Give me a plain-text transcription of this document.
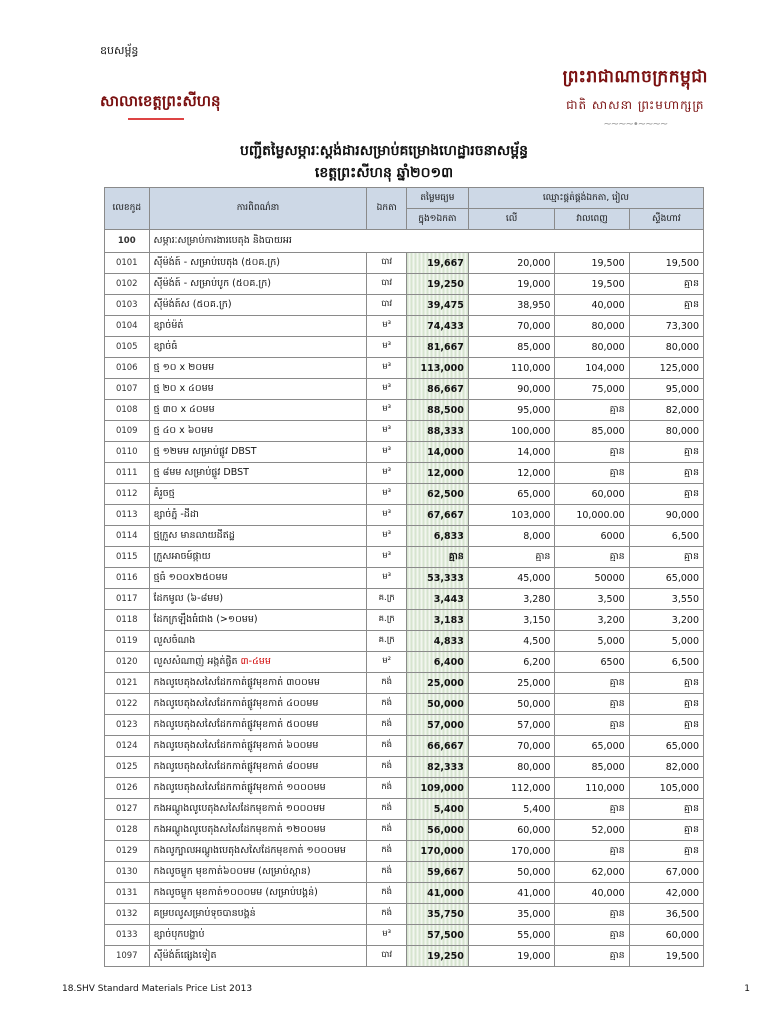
ឧបសម្ព័ន្ធ
ព្រះរាជាណាចក្រកម្ពុជា
ជាតិ សាសនា ព្រះមហាក្សត្រ
~~~~•~~~~
សាលាខេត្តព្រះសីហនុ
បញ្ជីតម្លៃសម្ភារៈស្តង់ដារសម្រាប់គម្រោងហេដ្ឋារចនាសម្ព័ន្ធ
ខេត្តព្រះសីហនុ ឆ្នាំ២០១៣
លេខកូដ	ការពិពណ៌នា	ឯកតា	តម្លៃមធ្យម	ឈ្មោះផ្គត់ផ្គង់ឯកតា, រៀល		
			ក្នុង១ឯកតា	លើ	វាលពេញ	ស្ទឹងហាវ
100	សម្ភារៈសម្រាប់ការងារបេតុង និងបាយអរ					
0101	ស៊ីម៉ង់ត៍ - សម្រាប់បេតុង (៥០គ.ក្រ)	បាវ	19,667	20,000	19,500	19,500
0102	ស៊ីម៉ង់ត៍ - សម្រាប់បូក (៥០គ.ក្រ)	បាវ	19,250	19,000	19,500	គ្មាន
0103	ស៊ីម៉ង់ត៍ស (៥០គ.ក្រ)	បាវ	39,475	38,950	40,000	គ្មាន
0104	ខ្សាច់ម៉ត់	ម³	74,433	70,000	80,000	73,300
0105	ខ្សាច់ធំ	ម³	81,667	85,000	80,000	80,000
0106	ថ្ម ១០ x ២០មម	ម³	113,000	110,000	104,000	125,000
0107	ថ្ម ២០ x ៤០មម	ម³	86,667	90,000	75,000	95,000
0108	ថ្ម ៣០ x ៤០មម	ម³	88,500	95,000	គ្មាន	82,000
0109	ថ្ម ៤០ x ៦០មម	ម³	88,333	100,000	85,000	80,000
0110	ថ្ម ១២មម សម្រាប់ផ្លូវ DBST	ម³	14,000	14,000	គ្មាន	គ្មាន
0111	ថ្ម ៨មម សម្រាប់ផ្លូវ DBST	ម³	12,000	12,000	គ្មាន	គ្មាន
0112	គំរួចថ្ម	ម³	62,500	65,000	60,000	គ្មាន
0113	ខ្សាច់ភ្នំ -ដីដា	ម³	67,667	103,000	10,000.00	90,000
0114	ថ្មក្រួស មានលាយដីឥដ្ឋ	ម³	6,833	8,000	6000	6,500
0115	ក្រួសអាចម៍ផ្កាយ	ម³	គ្មាន	គ្មាន	គ្មាន	គ្មាន
0116	ថ្មធំ ១០០x២៥០មម	ម³	53,333	45,000	50000	65,000
0117	ដែកមូល (៦-៨មម)	គ.ក្រ	3,443	3,280	3,500	3,550
0118	ដែកក្រឡឹងធំជាង (>១០មម)	គ.ក្រ	3,183	3,150	3,200	3,200
0119	លួសចំណង	គ.ក្រ	4,833	4,500	5,000	5,000
0120	លួសសំណាញ់ អង្កត់ផ្ចិត ៣-៤មម	ម²	6,400	6,200	6500	6,500
0121	កងលូបេតុងសសៃដែកកាត់ផ្លូវមុខកាត់ ៣០០មម	កង់	25,000	25,000	គ្មាន	គ្មាន
0122	កងលូបេតុងសសៃដែកកាត់ផ្លូវមុខកាត់ ៤០០មម	កង់	50,000	50,000	គ្មាន	គ្មាន
0123	កងលូបេតុងសសៃដែកកាត់ផ្លូវមុខកាត់ ៥០០មម	កង់	57,000	57,000	គ្មាន	គ្មាន
0124	កងលូបេតុងសសៃដែកកាត់ផ្លូវមុខកាត់ ៦០០មម	កង់	66,667	70,000	65,000	65,000
0125	កងលូបេតុងសសៃដែកកាត់ផ្លូវមុខកាត់ ៨០០មម	កង់	82,333	80,000	85,000	82,000
0126	កងលូបេតុងសសៃដែកកាត់ផ្លូវមុខកាត់ ១០០០មម	កង់	109,000	112,000	110,000	105,000
0127	កងអណ្តូងលូបេតុងសសៃដែកមុខកាត់ ១០០០មម	កង់	5,400	5,400	គ្មាន	គ្មាន
0128	កងអណ្តូងលូបេតុងសសៃដែកមុខកាត់ ១២០០មម	កង់	56,000	60,000	52,000	គ្មាន
0129	កងលូក្បាលអណ្តូងបេតុងសសៃដែកមុខកាត់ ១០០០មម	កង់	170,000	170,000	គ្មាន	គ្មាន
0130	កងលូចម្លូក មុខកាត់៦០០មម (សម្រាប់ស្ពាន)	កង់	59,667	50,000	62,000	67,000
0131	កងលូចម្លូក មុខកាត់១០០០មម (សម្រាប់បង្គន់)	កង់	41,000	41,000	40,000	42,000
0132	គម្របលូសម្រាប់ទុចបានបង្គន់	កង់	35,750	35,000	គ្មាន	36,500
0133	ខ្សាច់បុកបង្ហាប់	ម³	57,500	55,000	គ្មាន	60,000
1097	ស៊ីម៉ង់ត៍ផ្សេងទៀត	បាវ	19,250	19,000	គ្មាន	19,500
18.SHV Standard Materials Price List 2013	1
